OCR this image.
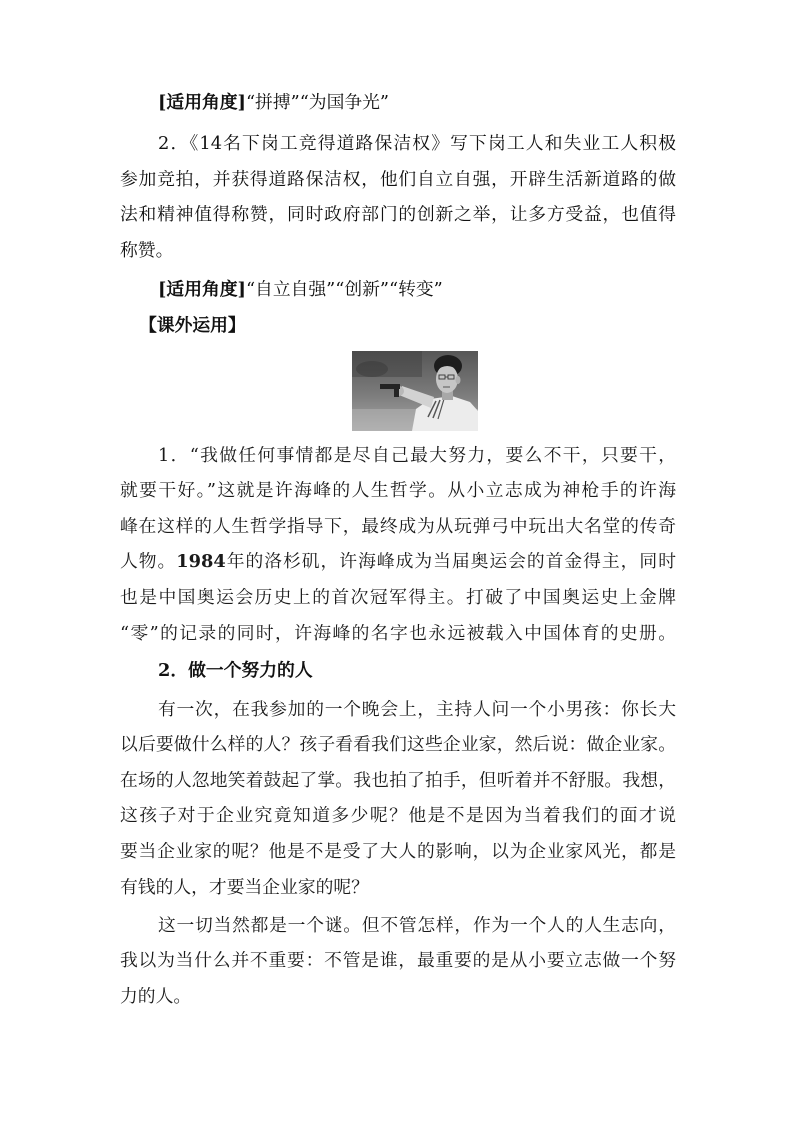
[适用角度]“拼搏”“为国争光”
2．《14名下岗工竞得道路保洁权》写下岗工人和失业工人积极
参加竞拍，并获得道路保洁权，他们自立自强，开辟生活新道路的做
法和精神值得称赞，同时政府部门的创新之举，让多方受益，也值得
称赞。
[适用角度]“自立自强”“创新”“转变”
【课外运用】
1．“我做任何事情都是尽自己最大努力，要么不干，只要干，
就要干好。”这就是许海峰的人生哲学。从小立志成为神枪手的许海
峰在这样的人生哲学指导下，最终成为从玩弹弓中玩出大名堂的传奇
人物。1984年的洛杉矶，许海峰成为当届奥运会的首金得主，同时
也是中国奥运会历史上的首次冠军得主。打破了中国奥运史上金牌
“零”的记录的同时，许海峰的名字也永远被载入中国体育的史册。
2．做一个努力的人
有一次，在我参加的一个晚会上，主持人问一个小男孩：你长大
以后要做什么样的人？孩子看看我们这些企业家，然后说：做企业家。
在场的人忽地笑着鼓起了掌。我也拍了拍手，但听着并不舒服。我想，
这孩子对于企业究竟知道多少呢？他是不是因为当着我们的面才说
要当企业家的呢？他是不是受了大人的影响，以为企业家风光，都是
有钱的人，才要当企业家的呢？
这一切当然都是一个谜。但不管怎样，作为一个人的人生志向，
我以为当什么并不重要：不管是谁，最重要的是从小要立志做一个努
力的人。
